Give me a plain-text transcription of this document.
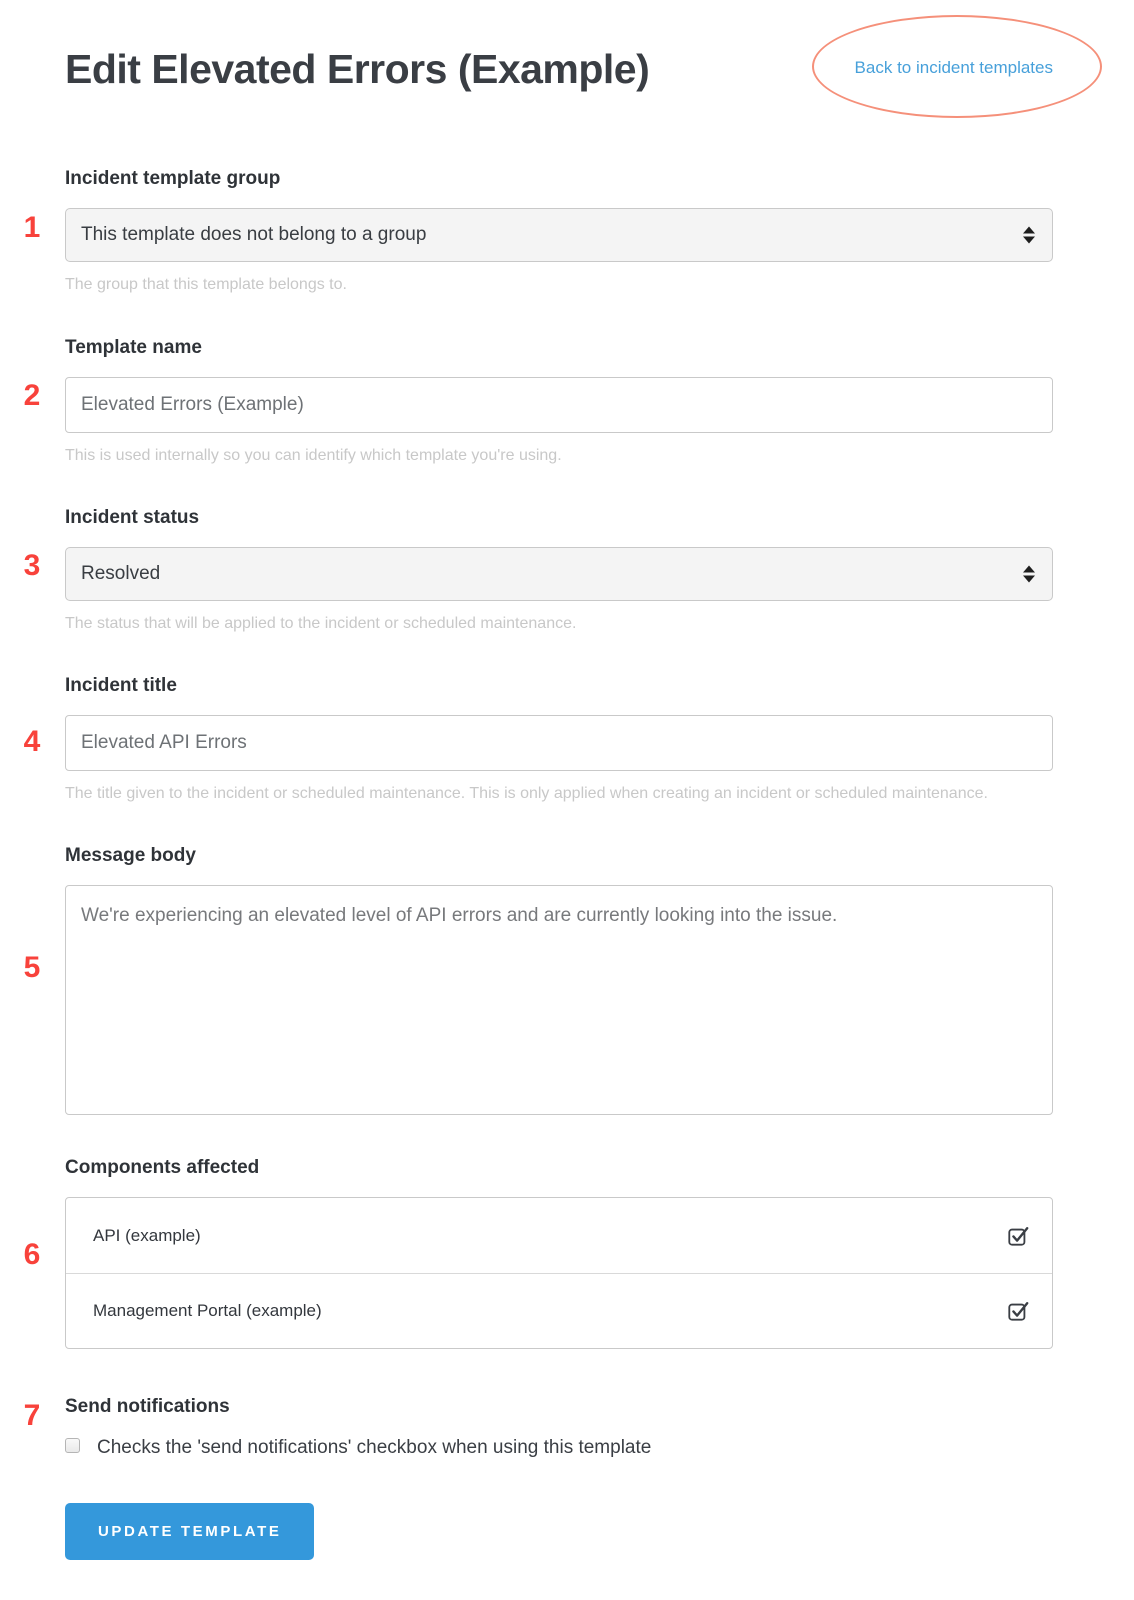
Edit Elevated Errors (Example)	Back to incident templates
1
2
3
4
5
6
7
Incident template group
This template does not belong to a group

The group that this template belongs to.

Template name
Elevated Errors (Example)

This is used internally so you can identify which template you're using.

Incident status
Resolved

The status that will be applied to the incident or scheduled maintenance.

Incident title
Elevated API Errors

The title given to the incident or scheduled maintenance. This is only applied when creating an incident or scheduled maintenance.

Message body
We're experiencing an elevated level of API errors and are currently looking into the issue.
Components affected
API (example)
Management Portal (example)
Send notifications
Checks the 'send notifications' checkbox when using this template
UPDATE TEMPLATE
